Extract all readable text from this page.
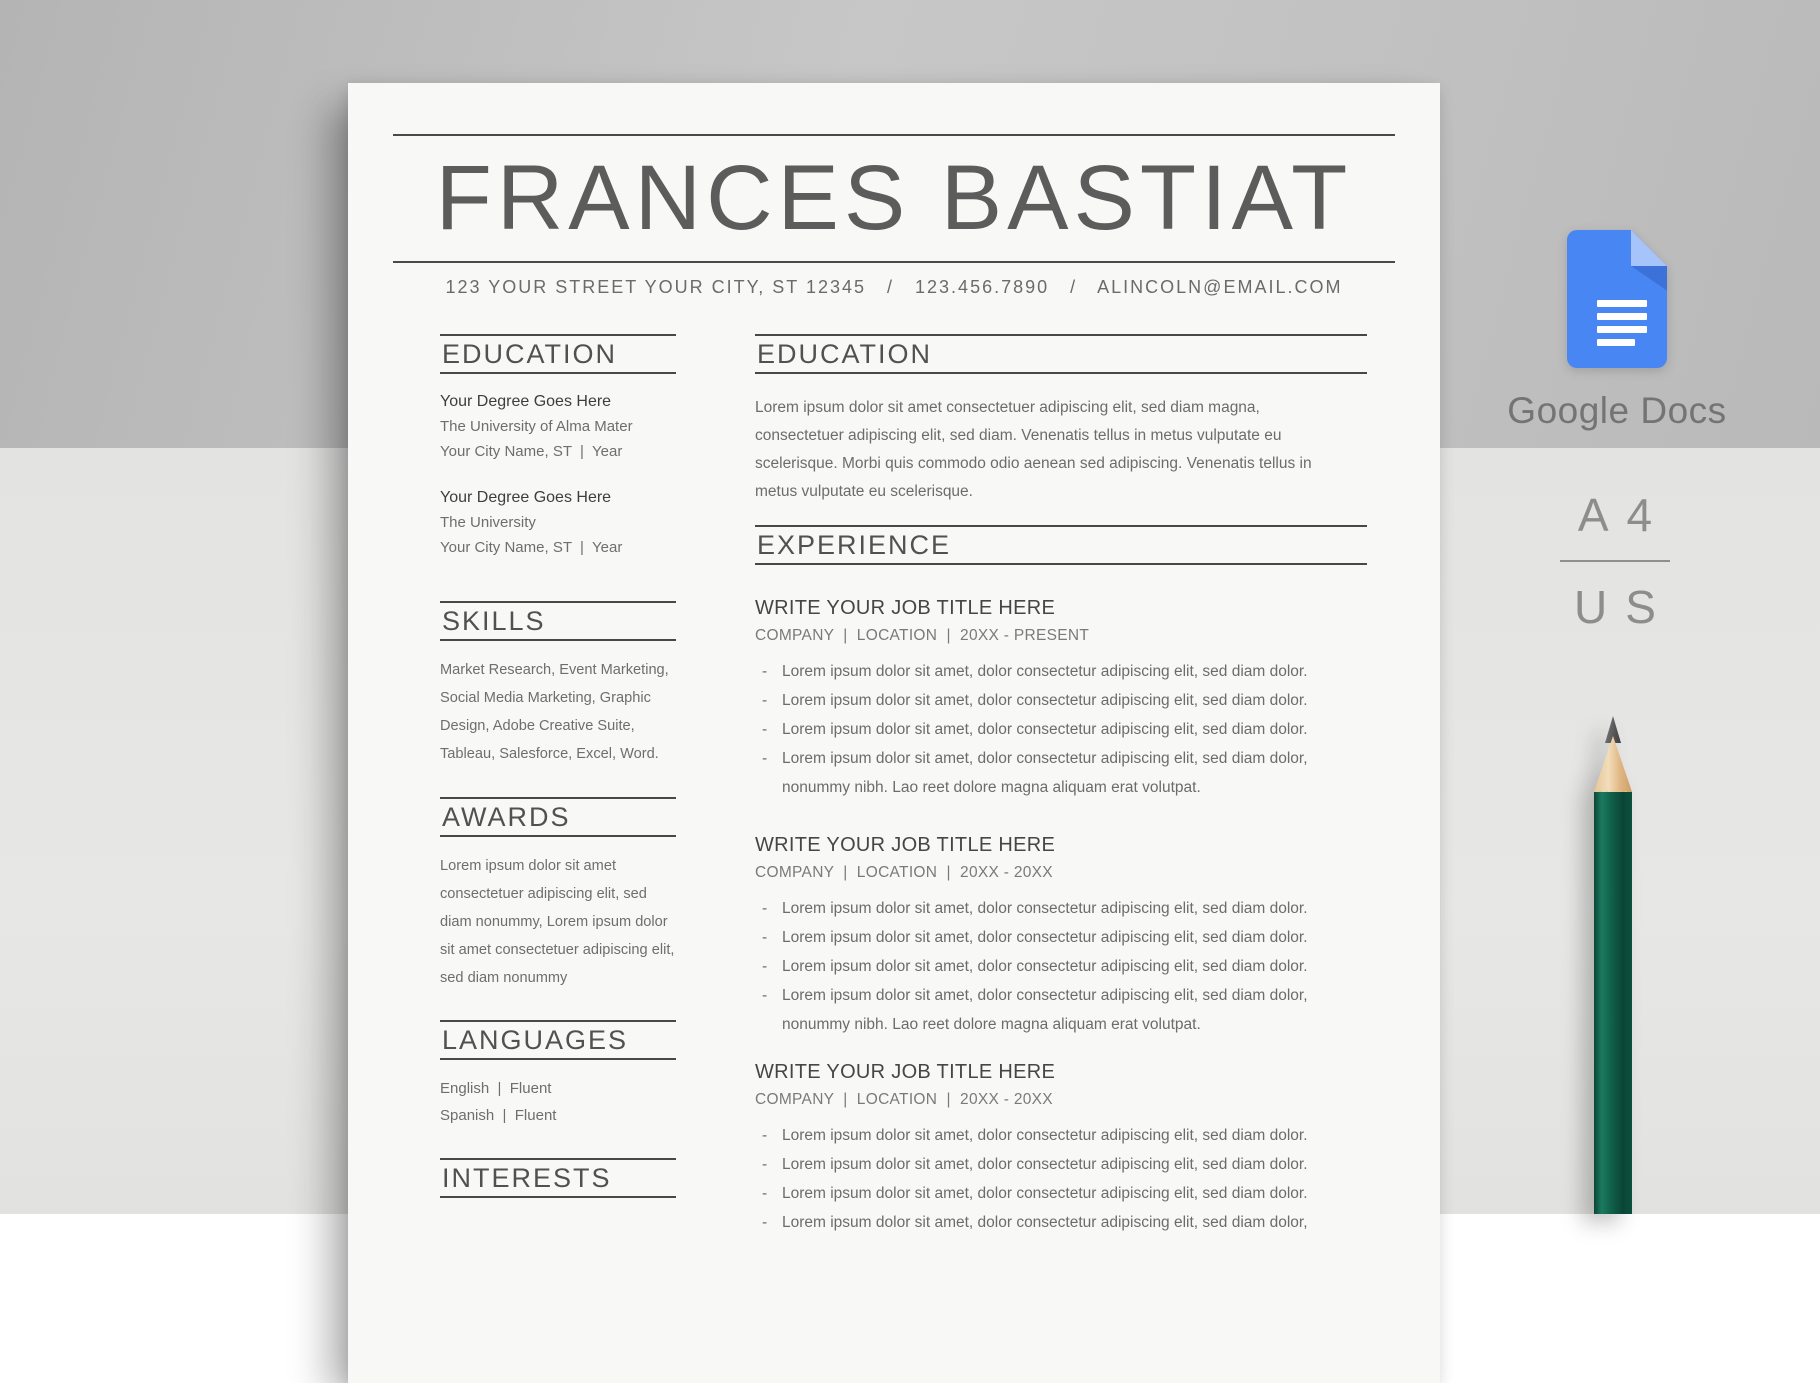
FRANCES BASTIAT
123 YOUR STREET YOUR CITY, ST 12345   /   123.456.7890   /   ALINCOLN@EMAIL.COM
EDUCATION
Your Degree Goes Here
The University of Alma Mater
Your City Name, ST  |  Year
Your Degree Goes Here
The University
Your City Name, ST  |  Year
SKILLS
Market Research, Event Marketing, Social Media Marketing, Graphic Design, Adobe Creative Suite, Tableau, Salesforce, Excel, Word.
AWARDS
Lorem ipsum dolor sit amet consectetuer adipiscing elit, sed diam nonummy, Lorem ipsum dolor sit amet consectetuer adipiscing elit, sed diam nonummy
LANGUAGES
English  |  Fluent
Spanish  |  Fluent
INTERESTS
EDUCATION
Lorem ipsum dolor sit amet consectetuer adipiscing elit, sed diam magna, consectetuer adipiscing elit, sed diam. Venenatis tellus in metus vulputate eu scelerisque. Morbi quis commodo odio aenean sed adipiscing. Venenatis tellus in metus vulputate eu scelerisque.
EXPERIENCE
WRITE YOUR JOB TITLE HERE
COMPANY  |  LOCATION  |  20XX - PRESENT
- Lorem ipsum dolor sit amet, dolor consectetur adipiscing elit, sed diam dolor.
- Lorem ipsum dolor sit amet, dolor consectetur adipiscing elit, sed diam dolor.
- Lorem ipsum dolor sit amet, dolor consectetur adipiscing elit, sed diam dolor.
- Lorem ipsum dolor sit amet, dolor consectetur adipiscing elit, sed diam dolor, nonummy nibh. Lao reet dolore magna aliquam erat volutpat.
WRITE YOUR JOB TITLE HERE
COMPANY  |  LOCATION  |  20XX - 20XX
- Lorem ipsum dolor sit amet, dolor consectetur adipiscing elit, sed diam dolor.
- Lorem ipsum dolor sit amet, dolor consectetur adipiscing elit, sed diam dolor.
- Lorem ipsum dolor sit amet, dolor consectetur adipiscing elit, sed diam dolor.
- Lorem ipsum dolor sit amet, dolor consectetur adipiscing elit, sed diam dolor, nonummy nibh. Lao reet dolore magna aliquam erat volutpat.
WRITE YOUR JOB TITLE HERE
COMPANY  |  LOCATION  |  20XX - 20XX
- Lorem ipsum dolor sit amet, dolor consectetur adipiscing elit, sed diam dolor.
- Lorem ipsum dolor sit amet, dolor consectetur adipiscing elit, sed diam dolor.
- Lorem ipsum dolor sit amet, dolor consectetur adipiscing elit, sed diam dolor.
- Lorem ipsum dolor sit amet, dolor consectetur adipiscing elit, sed diam dolor,
Google Docs
A4
US
